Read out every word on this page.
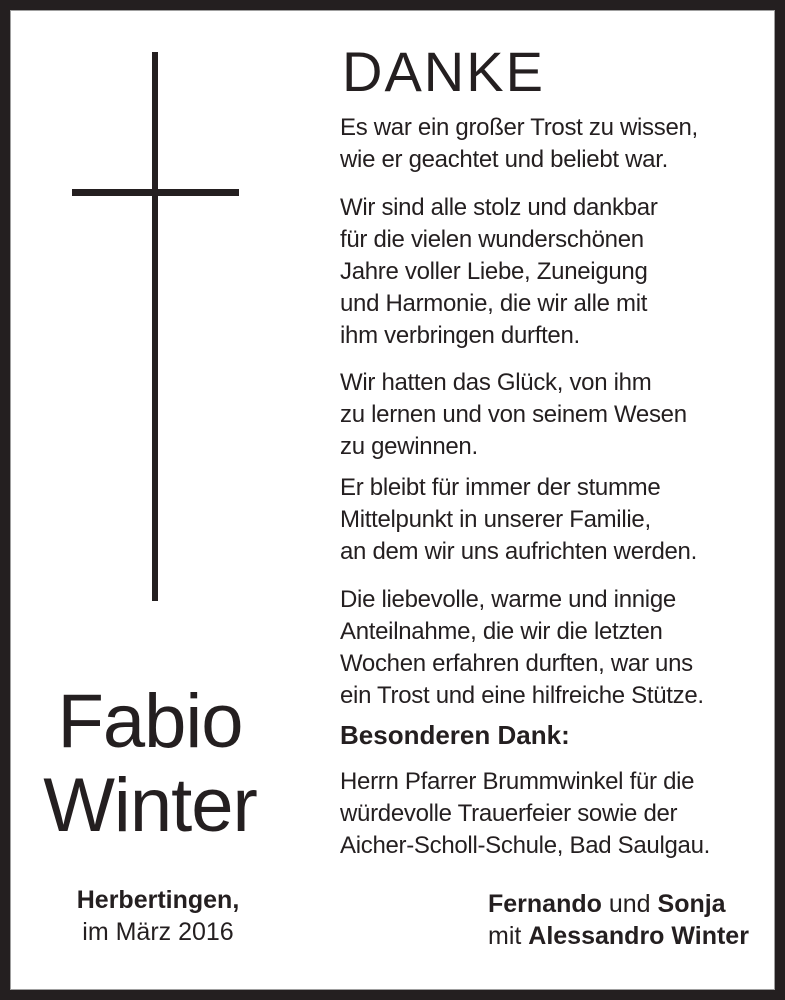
DANKE
Es war ein großer Trost zu wissen,
wie er geachtet und beliebt war.
Wir sind alle stolz und dankbar
für die vielen wunderschönen
Jahre voller Liebe, Zuneigung
und Harmonie, die wir alle mit
ihm verbringen durften.
Wir hatten das Glück, von ihm
zu lernen und von seinem Wesen
zu gewinnen.
Er bleibt für immer der stumme
Mittelpunkt in unserer Familie,
an dem wir uns aufrichten werden.
Die liebevolle, warme und innige
Anteilnahme, die wir die letzten
Wochen erfahren durften, war uns
ein Trost und eine hilfreiche Stütze.
Besonderen Dank:
Herrn Pfarrer Brummwinkel für die
würdevolle Trauerfeier sowie der
Aicher-Scholl-Schule, Bad Saulgau.
Fabio
Winter
Herbertingen,
im März 2016
Fernando und Sonja
mit Alessandro Winter
